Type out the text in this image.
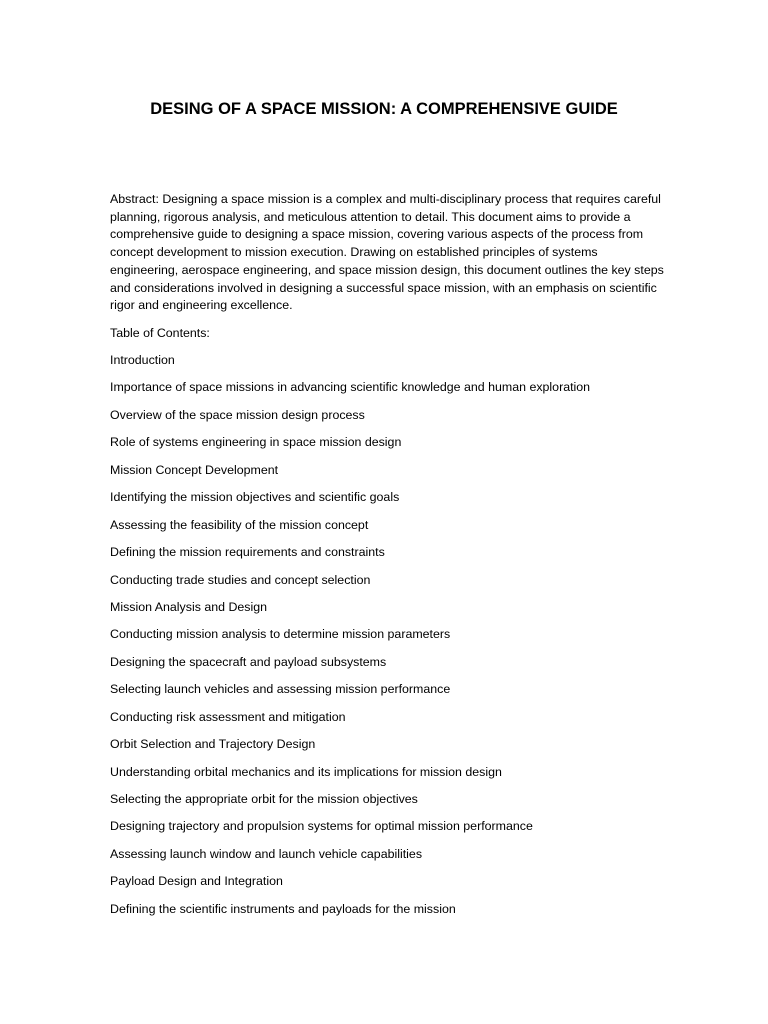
DESING OF A SPACE MISSION: A COMPREHENSIVE GUIDE

Abstract: Designing a space mission is a complex and multi-disciplinary process that requires careful planning, rigorous analysis, and meticulous attention to detail. This document aims to provide a comprehensive guide to designing a space mission, covering various aspects of the process from concept development to mission execution. Drawing on established principles of systems engineering, aerospace engineering, and space mission design, this document outlines the key steps and considerations involved in designing a successful space mission, with an emphasis on scientific rigor and engineering excellence.

Table of Contents:

Introduction
Importance of space missions in advancing scientific knowledge and human exploration
Overview of the space mission design process
Role of systems engineering in space mission design
Mission Concept Development
Identifying the mission objectives and scientific goals
Assessing the feasibility of the mission concept
Defining the mission requirements and constraints
Conducting trade studies and concept selection
Mission Analysis and Design
Conducting mission analysis to determine mission parameters
Designing the spacecraft and payload subsystems
Selecting launch vehicles and assessing mission performance
Conducting risk assessment and mitigation
Orbit Selection and Trajectory Design
Understanding orbital mechanics and its implications for mission design
Selecting the appropriate orbit for the mission objectives
Designing trajectory and propulsion systems for optimal mission performance
Assessing launch window and launch vehicle capabilities
Payload Design and Integration
Defining the scientific instruments and payloads for the mission
